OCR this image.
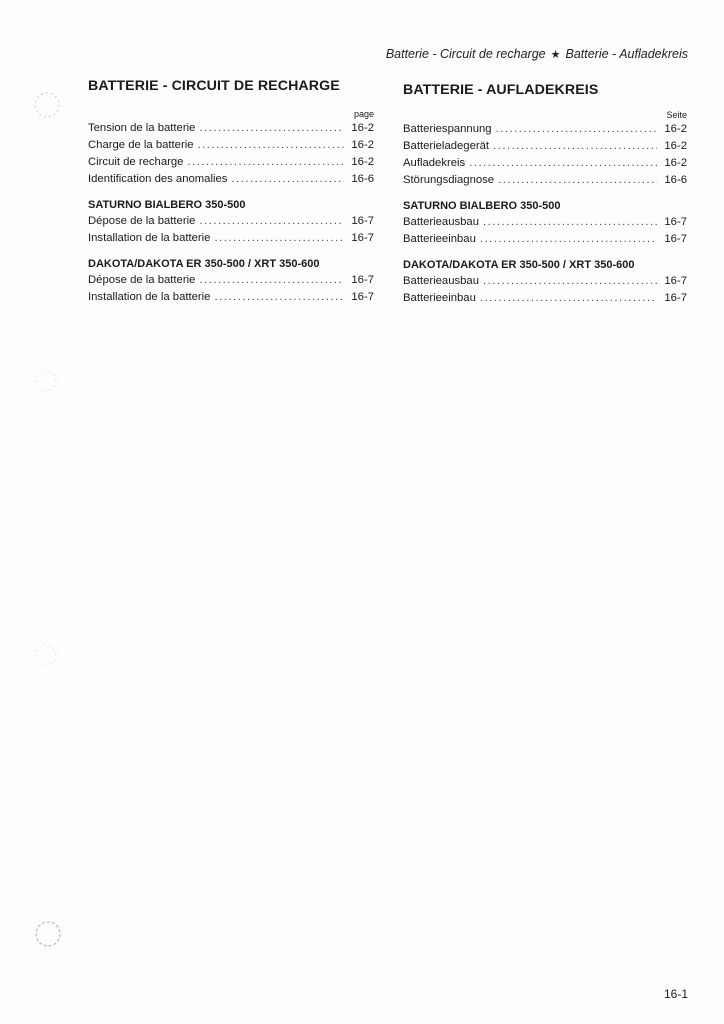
Batterie - Circuit de recharge ★ Batterie - Aufladekreis
BATTERIE - CIRCUIT DE RECHARGE
page
Tension de la batterie .....	16-2
Charge de la batterie .....	16-2
Circuit de recharge .....	16-2
Identification des anomalies .....	16-6
SATURNO BIALBERO 350-500
Dépose de la batterie .....	16-7
Installation de la batterie .....	16-7
DAKOTA/DAKOTA ER 350-500 / XRT 350-600
Dépose de la batterie .....	16-7
Installation de la batterie .....	16-7
BATTERIE - AUFLADEKREIS
Seite
Batteriespannung .....	16-2
Batterieladegerät .....	16-2
Aufladekreis .....	16-2
Störungsdiagnose .....	16-6
SATURNO BIALBERO 350-500
Batterieausbau .....	16-7
Batterieeinbau .....	16-7
DAKOTA/DAKOTA ER 350-500 / XRT 350-600
Batterieausbau .....	16-7
Batterieeinbau .....	16-7
16-1
